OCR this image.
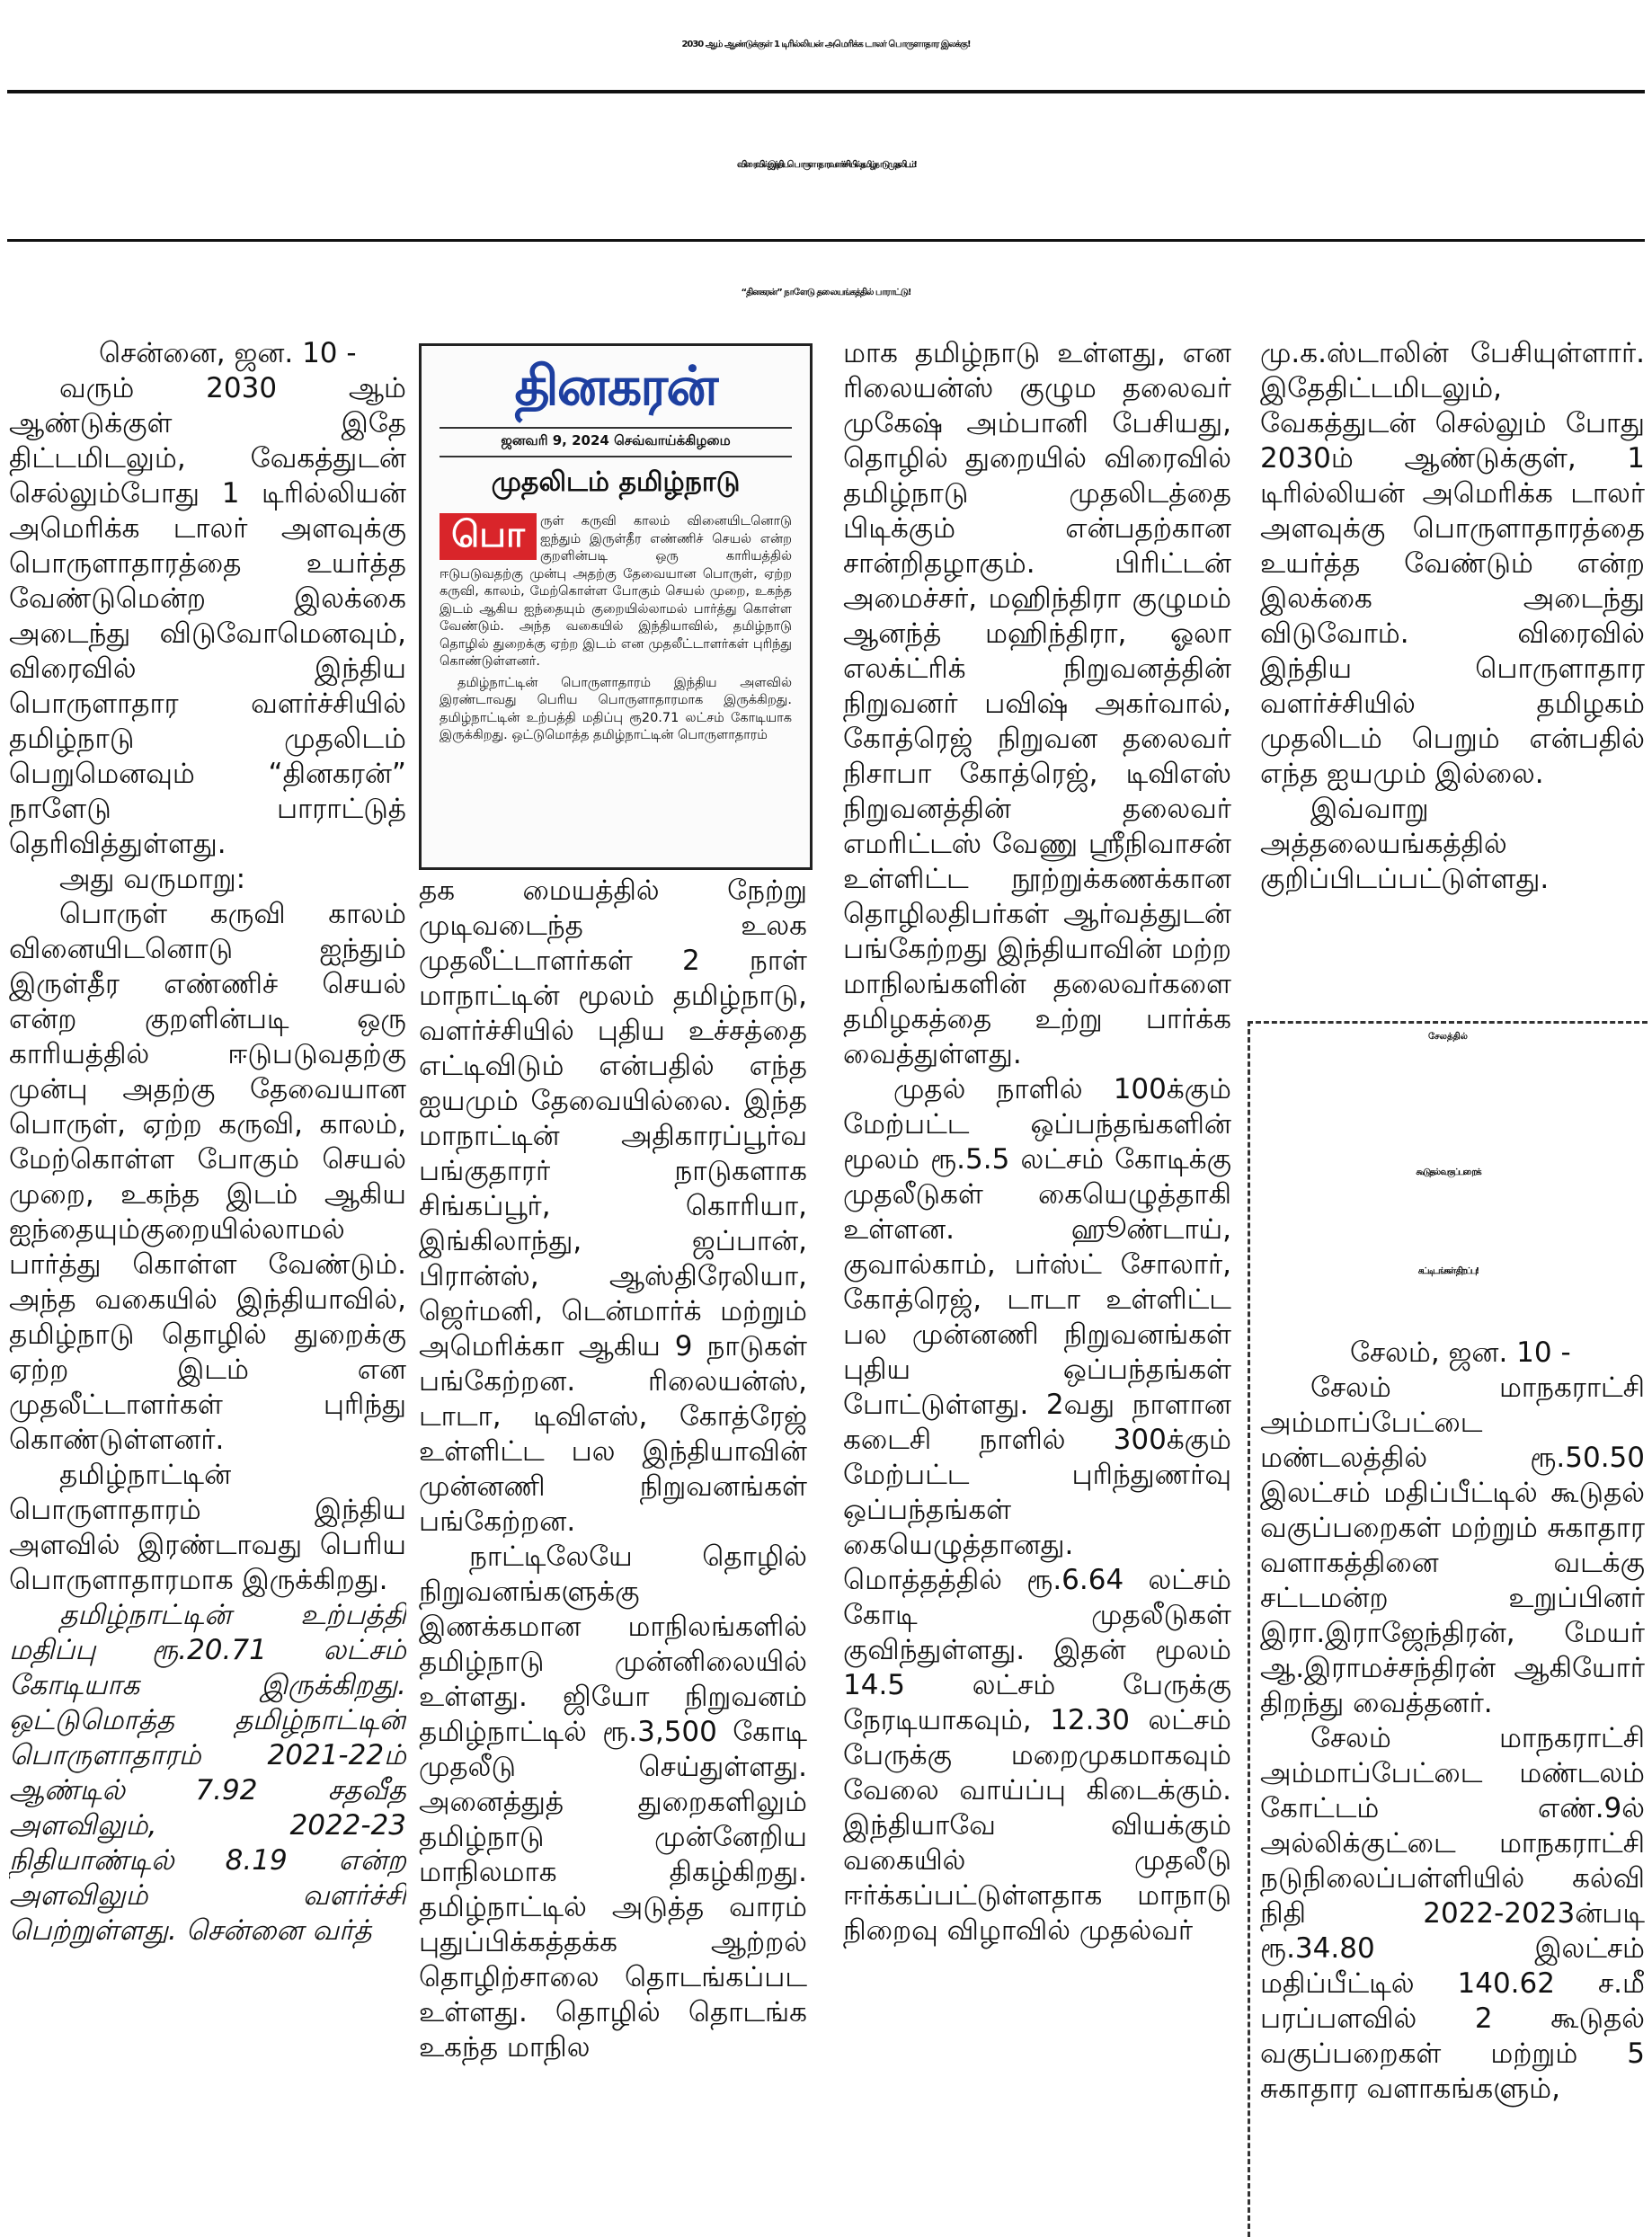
2030 ஆம் ஆண்டுக்குள் 1 டிரில்லியன் அமெரிக்க டாலர் பொருளாதார இலக்கு!
விரைவில் இந்திய பொருளாதார வளர்ச்சியில் தமிழ்நாடு முதலிடம்!
“தினகரன்” நாளேடு தலையங்கத்தில் பாராட்டு!

சென்னை, ஜன. 10 -

வரும் 2030 ஆம் ஆண்டுக்குள் இதே திட்டமிடலும், வேகத்துடன் செல்லும்போது 1 டிரில்லியன் அமெரிக்க டாலர் அளவுக்கு பொருளாதாரத்தை உயர்த்த வேண்டுமென்ற இலக்கை அடைந்து விடுவோமெனவும், விரைவில் இந்திய பொருளாதார வளர்ச்சியில் தமிழ்நாடு முதலிடம் பெறுமெனவும் “தினகரன்” நாளேடு பாராட்டுத் தெரிவித்துள்ளது.

அது வருமாறு:

பொருள் கருவி காலம் வினையிடனொடு ஐந்தும் இருள்தீர எண்ணிச் செயல் என்ற குறளின்படி ஒரு காரியத்தில் ஈடுபடுவதற்கு முன்பு அதற்கு தேவையான பொருள், ஏற்ற கருவி, காலம், மேற்கொள்ள போகும் செயல் முறை, உகந்த இடம் ஆகிய ஐந்தையும்குறையில்லாமல் பார்த்து கொள்ள வேண்டும். அந்த வகையில் இந்தியாவில், தமிழ்நாடு தொழில் துறைக்கு ஏற்ற இடம் என முதலீட்டாளர்கள் புரிந்து கொண்டுள்ளனர்.

தமிழ்நாட்டின் பொருளாதாரம் இந்திய அளவில் இரண்டாவது பெரிய பொருளாதாரமாக இருக்கிறது.

தமிழ்நாட்டின் உற்பத்தி மதிப்பு ரூ.20.71 லட்சம் கோடியாக இருக்கிறது. ஒட்டுமொத்த தமிழ்நாட்டின் பொருளாதாரம் 2021-22ம் ஆண்டில் 7.92 சதவீத அளவிலும், 2022-23 நிதியாண்டில் 8.19 என்ற அளவிலும் வளர்ச்சி பெற்றுள்ளது. சென்னை வர்த்

தினகரன்
ஜனவரி 9, 2024 செவ்வாய்க்கிழமை
முதலிடம் தமிழ்நாடு
பொ	ருள் கருவி காலம் வினையிடனொடு ஐந்தும் இருள்தீர எண்ணிச் செயல் என்ற குறளின்படி ஒரு காரியத்தில் ஈடுபடுவதற்கு முன்பு அதற்கு தேவையான பொருள், ஏற்ற கருவி, காலம், மேற்கொள்ள போகும் செயல் முறை, உகந்த இடம் ஆகிய ஐந்தையும் குறையில்லாமல் பார்த்து கொள்ள வேண்டும். அந்த வகையில் இந்தியாவில், தமிழ்நாடு தொழில் துறைக்கு ஏற்ற இடம் என முதலீட்டாளர்கள் புரிந்து கொண்டுள்ளனர்.

தமிழ்நாட்டின் பொருளாதாரம் இந்திய அளவில் இரண்டாவது பெரிய பொருளாதாரமாக இருக்கிறது. தமிழ்நாட்டின் உற்பத்தி மதிப்பு ரூ20.71 லட்சம் கோடியாக இருக்கிறது. ஒட்டுமொத்த தமிழ்நாட்டின் பொருளாதாரம்

தக மையத்தில் நேற்று முடிவடைந்த உலக முதலீட்டாளர்கள் 2 நாள் மாநாட்டின் மூலம் தமிழ்நாடு, வளர்ச்சியில் புதிய உச்சத்தை எட்டிவிடும் என்பதில் எந்த ஐயமும் தேவையில்லை. இந்த மாநாட்டின் அதிகாரப்பூர்வ பங்குதாரர் நாடுகளாக சிங்கப்பூர், கொரியா, இங்கிலாந்து, ஜப்பான், பிரான்ஸ், ஆஸ்திரேலியா, ஜெர்மனி, டென்மார்க் மற்றும் அமெரிக்கா ஆகிய 9 நாடுகள் பங்கேற்றன. ரிலையன்ஸ், டாடா, டிவிஎஸ், கோத்ரேஜ் உள்ளிட்ட பல இந்தியாவின் முன்னணி நிறுவனங்கள் பங்கேற்றன.

நாட்டிலேயே தொழில் நிறுவனங்களுக்கு இணக்கமான மாநிலங்களில் தமிழ்நாடு முன்னிலையில் உள்ளது. ஜியோ நிறுவனம் தமிழ்நாட்டில் ரூ.3,500 கோடி முதலீடு செய்துள்ளது. அனைத்துத் துறைகளிலும் தமிழ்நாடு முன்னேறிய மாநிலமாக திகழ்கிறது. தமிழ்நாட்டில் அடுத்த வாரம் புதுப்பிக்கத்தக்க ஆற்றல் தொழிற்சாலை தொடங்கப்பட உள்ளது. தொழில் தொடங்க உகந்த மாநில

மாக தமிழ்நாடு உள்ளது, என ரிலையன்ஸ் குழும தலைவர் முகேஷ் அம்பானி பேசியது, தொழில் துறையில் விரைவில் தமிழ்நாடு முதலிடத்தை பிடிக்கும் என்பதற்கான சான்றிதழாகும். பிரிட்டன் அமைச்சர், மஹிந்திரா குழுமம் ஆனந்த் மஹிந்திரா, ஓலா எலக்ட்ரிக் நிறுவனத்தின் நிறுவனர் பவிஷ் அகர்வால், கோத்ரெஜ் நிறுவன தலைவர் நிசாபா கோத்ரெஜ், டிவிஎஸ் நிறுவனத்தின் தலைவர் எமரிட்டஸ் வேணு ஸ்ரீநிவாசன் உள்ளிட்ட நூற்றுக்கணக்கான தொழிலதிபர்கள் ஆர்வத்துடன் பங்கேற்றது இந்தியாவின் மற்ற மாநிலங்களின் தலைவர்களை தமிழகத்தை உற்று பார்க்க வைத்துள்ளது.

முதல் நாளில் 100க்கும் மேற்பட்ட ஒப்பந்தங்களின் மூலம் ரூ.5.5 லட்சம் கோடிக்கு முதலீடுகள் கையெழுத்தாகி உள்ளன. ஹூண்டாய், குவால்காம், பர்ஸ்ட் சோலார், கோத்ரெஜ், டாடா உள்ளிட்ட பல முன்னணி நிறுவனங்கள் புதிய ஒப்பந்தங்கள் போட்டுள்ளது. 2வது நாளான கடைசி நாளில் 300க்கும் மேற்பட்ட புரிந்துணர்வு ஒப்பந்தங்கள் கையெழுத்தானது. மொத்தத்தில் ரூ.6.64 லட்சம் கோடி முதலீடுகள் குவிந்துள்ளது. இதன் மூலம் 14.5 லட்சம் பேருக்கு நேரடியாகவும், 12.30 லட்சம் பேருக்கு மறைமுகமாகவும் வேலை வாய்ப்பு கிடைக்கும். இந்தியாவே வியக்கும் வகையில் முதலீடு ஈர்க்கப்பட்டுள்ளதாக மாநாடு நிறைவு விழாவில் முதல்வர்

மு.க.ஸ்டாலின் பேசியுள்ளார். இதேதிட்டமிடலும், வேகத்துடன் செல்லும் போது 2030ம் ஆண்டுக்குள், 1 டிரில்லியன் அமெரிக்க டாலர் அளவுக்கு பொருளாதாரத்தை உயர்த்த வேண்டும் என்ற இலக்கை அடைந்து விடுவோம். விரைவில் இந்திய பொருளாதார வளர்ச்சியில் தமிழகம் முதலிடம் பெறும் என்பதில் எந்த ஐயமும் இல்லை.

இவ்வாறு அத்தலையங்கத்தில் குறிப்பிடப்பட்டுள்ளது.

சேலத்தில்
கூடுதல் வகுப்பறைக்
கட்டிடங்கள் திறப்பு!

சேலம், ஜன. 10 -

சேலம் மாநகராட்சி அம்மாப்பேட்டை மண்டலத்தில் ரூ.50.50 இலட்சம் மதிப்பீட்டில் கூடுதல் வகுப்பறைகள் மற்றும் சுகாதார வளாகத்தினை வடக்கு சட்டமன்ற உறுப்பினர் இரா.இராஜேந்திரன், மேயர் ஆ.இராமச்சந்திரன் ஆகியோர் திறந்து வைத்தனர்.

சேலம் மாநகராட்சி அம்மாப்பேட்டை மண்டலம் கோட்டம் எண்.9ல் அல்லிக்குட்டை மாநகராட்சி நடுநிலைப்பள்ளியில் கல்வி நிதி 2022-2023ன்படி ரூ.34.80 இலட்சம் மதிப்பீட்டில் 140.62 ச.மீ பரப்பளவில் 2 கூடுதல் வகுப்பறைகள் மற்றும் 5 சுகாதார வளாகங்களும்,
